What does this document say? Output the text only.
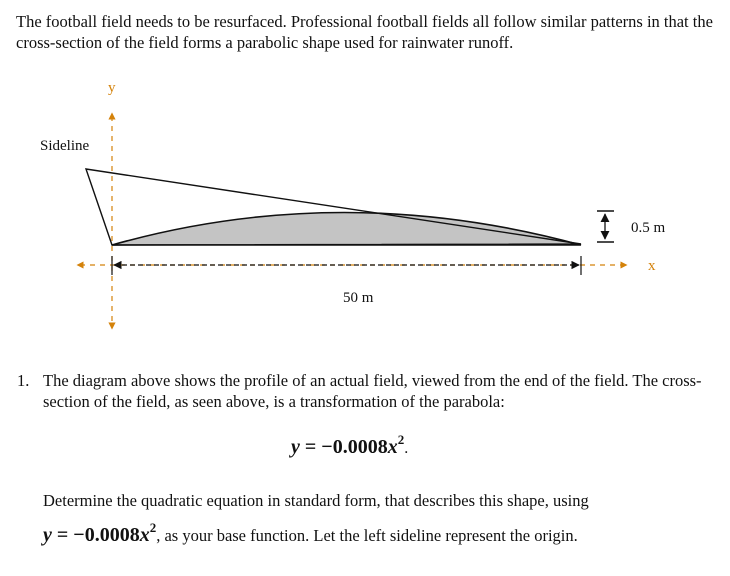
The football field needs to be resurfaced. Professional football fields all follow similar patterns in that the cross-section of the field forms a parabolic shape used for rainwater runoff.

y
x
Sideline
50 m
0.5 m
1. The diagram above shows the profile of an actual field, viewed from the end of the field. The cross-section of the field, as seen above, is a transformation of the parabola:

$y = -0.0008x^2$.

Determine the quadratic equation in standard form, that describes this shape, using

$y = -0.0008x^2$, as your base function. Let the left sideline represent the origin.
